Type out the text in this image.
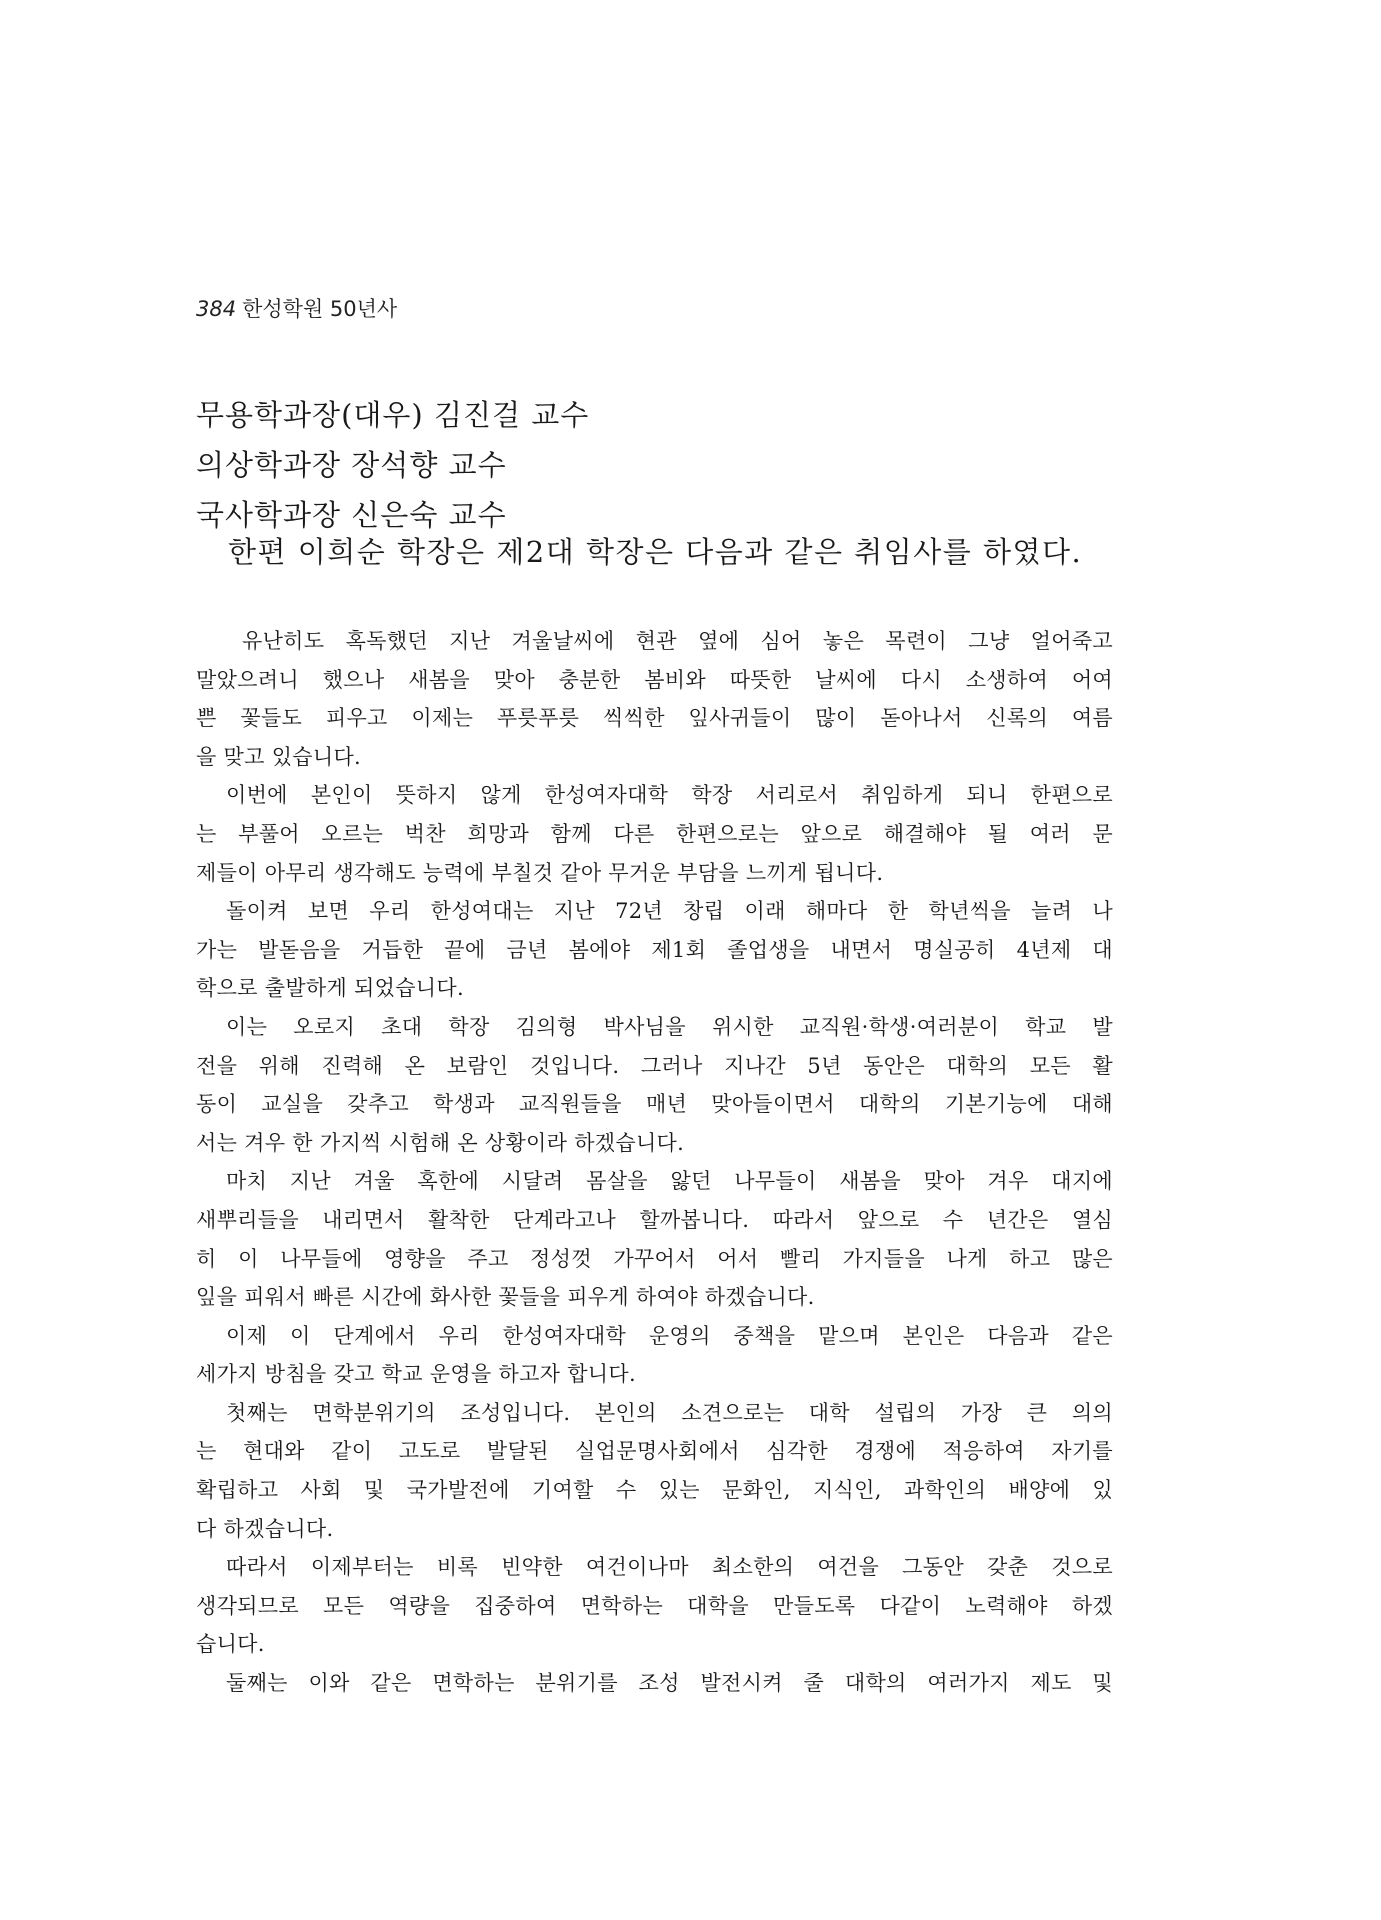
384 한성학원 50년사
무용학과장(대우) 김진걸 교수
의상학과장 장석향 교수
국사학과장 신은숙 교수
한편 이희순 학장은 제2대 학장은 다음과 같은 취임사를 하였다.
유난히도 혹독했던 지난 겨울날씨에 현관 옆에 심어 놓은 목련이 그냥 얼어죽고
말았으려니 했으나 새봄을 맞아 충분한 봄비와 따뜻한 날씨에 다시 소생하여 어여
쁜 꽃들도 피우고 이제는 푸릇푸릇 씩씩한 잎사귀들이 많이 돋아나서 신록의 여름
을 맞고 있습니다.
이번에 본인이 뜻하지 않게 한성여자대학 학장 서리로서 취임하게 되니 한편으로
는 부풀어 오르는 벅찬 희망과 함께 다른 한편으로는 앞으로 해결해야 될 여러 문
제들이 아무리 생각해도 능력에 부칠것 같아 무거운 부담을 느끼게 됩니다.
돌이켜 보면 우리 한성여대는 지난 72년 창립 이래 해마다 한 학년씩을 늘려 나
가는 발돋음을 거듭한 끝에 금년 봄에야 제1회 졸업생을 내면서 명실공히 4년제 대
학으로 출발하게 되었습니다.
이는 오로지 초대 학장 김의형 박사님을 위시한 교직원·학생·여러분이 학교 발
전을 위해 진력해 온 보람인 것입니다. 그러나 지나간 5년 동안은 대학의 모든 활
동이 교실을 갖추고 학생과 교직원들을 매년 맞아들이면서 대학의 기본기능에 대해
서는 겨우 한 가지씩 시험해 온 상황이라 하겠습니다.
마치 지난 겨울 혹한에 시달려 몸살을 앓던 나무들이 새봄을 맞아 겨우 대지에
새뿌리들을 내리면서 활착한 단계라고나 할까봅니다. 따라서 앞으로 수 년간은 열심
히 이 나무들에 영향을 주고 정성껏 가꾸어서 어서 빨리 가지들을 나게 하고 많은
잎을 피워서 빠른 시간에 화사한 꽃들을 피우게 하여야 하겠습니다.
이제 이 단계에서 우리 한성여자대학 운영의 중책을 맡으며 본인은 다음과 같은
세가지 방침을 갖고 학교 운영을 하고자 합니다.
첫째는 면학분위기의 조성입니다. 본인의 소견으로는 대학 설립의 가장 큰 의의
는 현대와 같이 고도로 발달된 실업문명사회에서 심각한 경쟁에 적응하여 자기를
확립하고 사회 및 국가발전에 기여할 수 있는 문화인, 지식인, 과학인의 배양에 있
다 하겠습니다.
따라서 이제부터는 비록 빈약한 여건이나마 최소한의 여건을 그동안 갖춘 것으로
생각되므로 모든 역량을 집중하여 면학하는 대학을 만들도록 다같이 노력해야 하겠
습니다.
둘째는 이와 같은 면학하는 분위기를 조성 발전시켜 줄 대학의 여러가지 제도 및
